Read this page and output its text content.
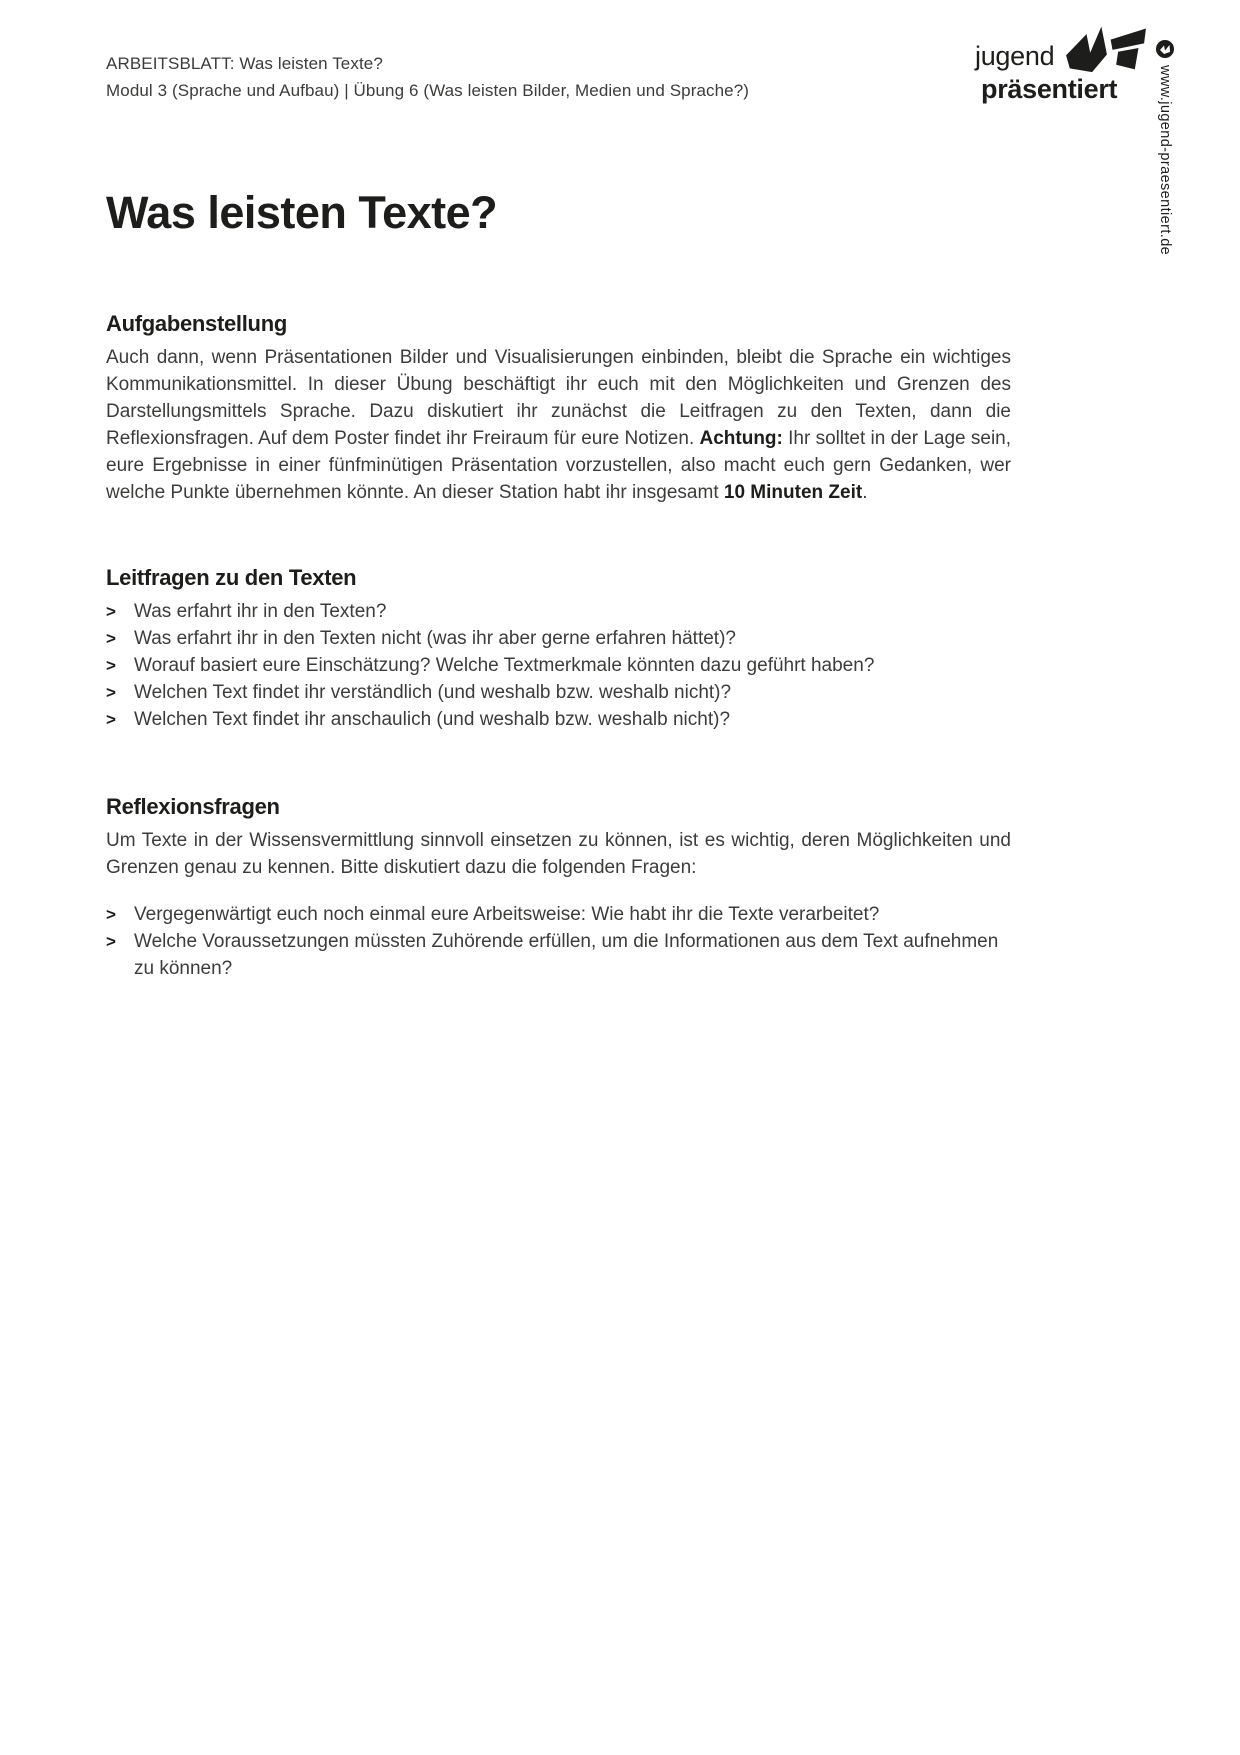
jugend
präsentiert	www.jugend-praesentiert.de
ARBEITSBLATT: Was leisten Texte?
Modul 3 (Sprache und Aufbau) | Übung 6 (Was leisten Bilder, Medien und Sprache?)
Was leisten Texte?
Aufgabenstellung

Auch dann, wenn Präsentationen Bilder und Visualisierungen einbinden, bleibt die Sprache ein wichtiges Kommunikationsmittel. In dieser Übung beschäftigt ihr euch mit den Möglichkeiten und Grenzen des Darstellungsmittels Sprache. Dazu diskutiert ihr zunächst die Leitfragen zu den Texten, dann die Reflexionsfragen. Auf dem Poster findet ihr Freiraum für eure Notizen. Achtung: Ihr solltet in der Lage sein, eure Ergebnisse in einer fünfminütigen Präsentation vorzustellen, also macht euch gern Gedanken, wer welche Punkte übernehmen könnte. An dieser Station habt ihr insgesamt 10 Minuten Zeit.

Leitfragen zu den Texten
> Was erfahrt ihr in den Texten?
> Was erfahrt ihr in den Texten nicht (was ihr aber gerne erfahren hättet)?
> Worauf basiert eure Einschätzung? Welche Textmerkmale könnten dazu geführt haben?
> Welchen Text findet ihr verständlich (und weshalb bzw. weshalb nicht)?
> Welchen Text findet ihr anschaulich (und weshalb bzw. weshalb nicht)?
Reflexionsfragen

Um Texte in der Wissensvermittlung sinnvoll einsetzen zu können, ist es wichtig, deren Möglichkeiten und Grenzen genau zu kennen. Bitte diskutiert dazu die folgenden Fragen:

> Vergegenwärtigt euch noch einmal eure Arbeitsweise: Wie habt ihr die Texte verarbeitet?
> Welche Voraussetzungen müssten Zuhörende erfüllen, um die Informationen aus dem Text aufnehmen zu können?
